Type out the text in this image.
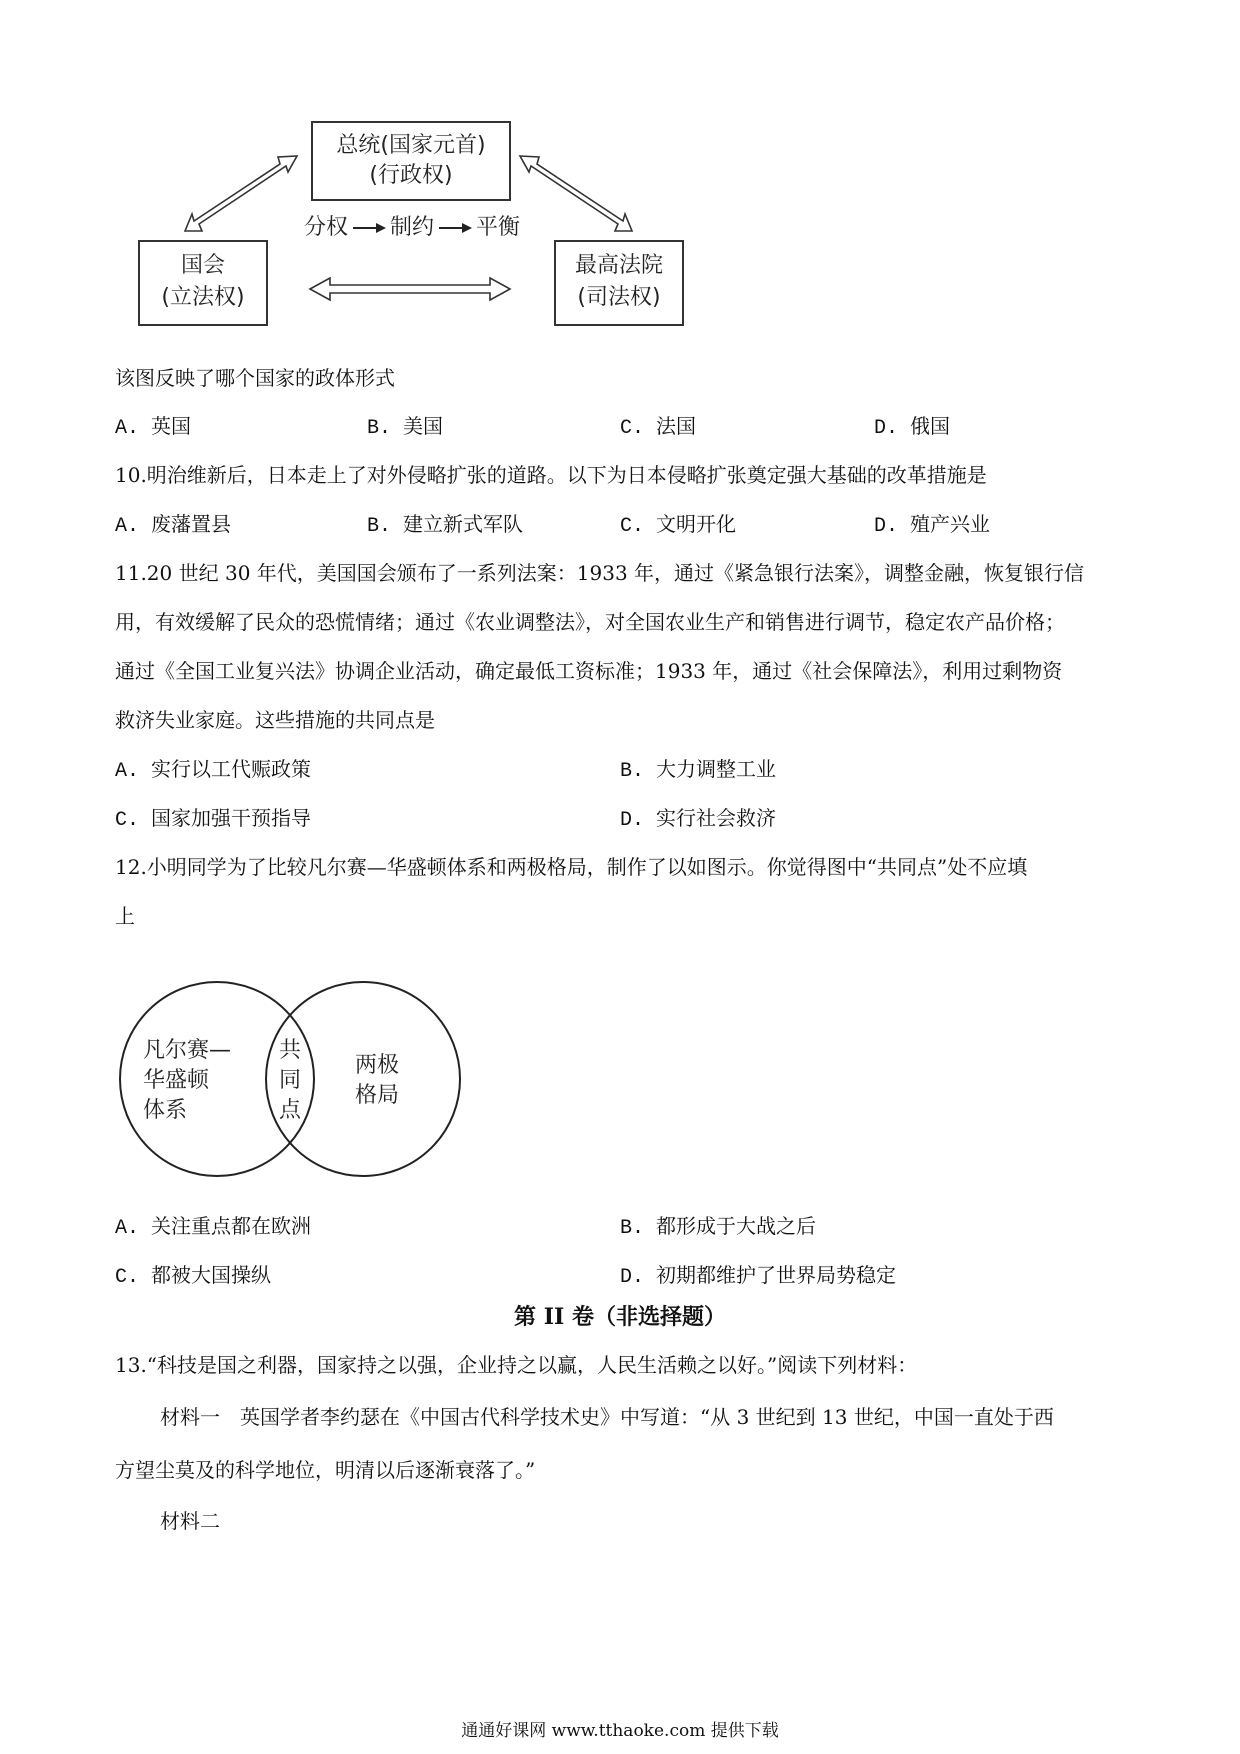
总统(国家元首)
(行政权)
国会
(立法权)
最高法院
(司法权)
分权 制约 平衡
该图反映了哪个国家的政体形式
A. 英国	B. 美国	C. 法国	D. 俄国
10.明治维新后，日本走上了对外侵略扩张的道路。以下为日本侵略扩张奠定强大基础的改革措施是
A. 废藩置县	B. 建立新式军队	C. 文明开化	D. 殖产兴业
11.20 世纪 30 年代，美国国会颁布了一系列法案：1933 年，通过《紧急银行法案》，调整金融，恢复银行信
用，有效缓解了民众的恐慌情绪；通过《农业调整法》，对全国农业生产和销售进行调节，稳定农产品价格；
通过《全国工业复兴法》协调企业活动，确定最低工资标准；1933 年，通过《社会保障法》，利用过剩物资
救济失业家庭。这些措施的共同点是
A. 实行以工代赈政策	B. 大力调整工业
C. 国家加强干预指导	D. 实行社会救济
12.小明同学为了比较凡尔赛—华盛顿体系和两极格局，制作了以如图示。你觉得图中“共同点”处不应填
上
凡尔赛—
华盛顿
体系
共
同
点
两极
格局
A. 关注重点都在欧洲	B. 都形成于大战之后
C. 都被大国操纵	D. 初期都维护了世界局势稳定
第 II 卷（非选择题）
13.“科技是国之利器，国家持之以强，企业持之以赢，人民生活赖之以好。”阅读下列材料：
材料一　英国学者李约瑟在《中国古代科学技术史》中写道：“从 3 世纪到 13 世纪，中国一直处于西
方望尘莫及的科学地位，明清以后逐渐衰落了。”
材料二
通通好课网 www.tthaoke.com 提供下载
